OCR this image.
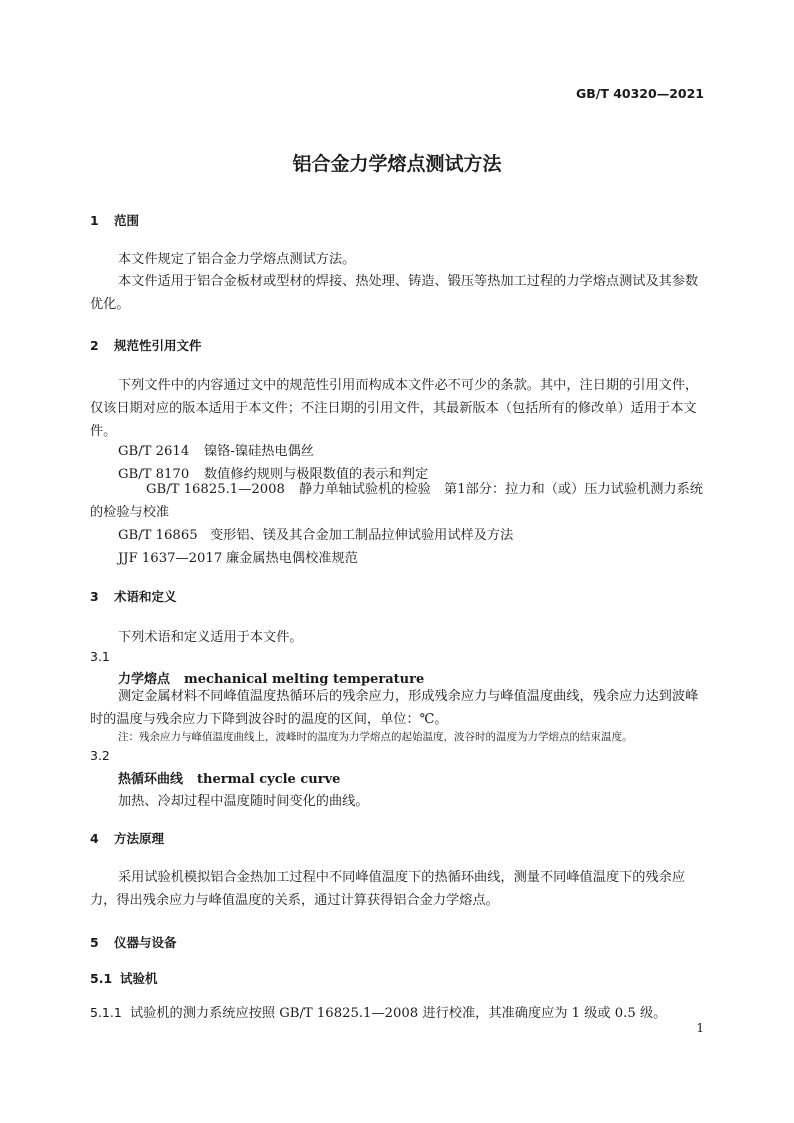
GB/T 40320—2021
铝合金力学熔点测试方法
1 范围
本文件规定了铝合金力学熔点测试方法。
本文件适用于铝合金板材或型材的焊接、热处理、铸造、锻压等热加工过程的力学熔点测试及其参数优化。
2 规范性引用文件
下列文件中的内容通过文中的规范性引用而构成本文件必不可少的条款。其中，注日期的引用文件，仅该日期对应的版本适用于本文件；不注日期的引用文件，其最新版本（包括所有的修改单）适用于本文件。
GB/T 2614 镍铬-镍硅热电偶丝
GB/T 8170 数值修约规则与极限数值的表示和判定
GB/T 16825.1—2008 静力单轴试验机的检验　第1部分：拉力和（或）压力试验机测力系统的检验与校准
GB/T 16865 变形铝、镁及其合金加工制品拉伸试验用试样及方法
JJF 1637—2017 廉金属热电偶校准规范
3 术语和定义
下列术语和定义适用于本文件。
3.1
力学熔点 mechanical melting temperature
测定金属材料不同峰值温度热循环后的残余应力，形成残余应力与峰值温度曲线，残余应力达到波峰时的温度与残余应力下降到波谷时的温度的区间，单位：℃。
注：残余应力与峰值温度曲线上，波峰时的温度为力学熔点的起始温度，波谷时的温度为力学熔点的结束温度。
3.2
热循环曲线 thermal cycle curve
加热、冷却过程中温度随时间变化的曲线。
4 方法原理
采用试验机模拟铝合金热加工过程中不同峰值温度下的热循环曲线，测量不同峰值温度下的残余应力，得出残余应力与峰值温度的关系，通过计算获得铝合金力学熔点。
5 仪器与设备
5.1 试验机
5.1.1 试验机的测力系统应按照 GB/T 16825.1—2008 进行校准，其准确度应为 1 级或 0.5 级。
1
